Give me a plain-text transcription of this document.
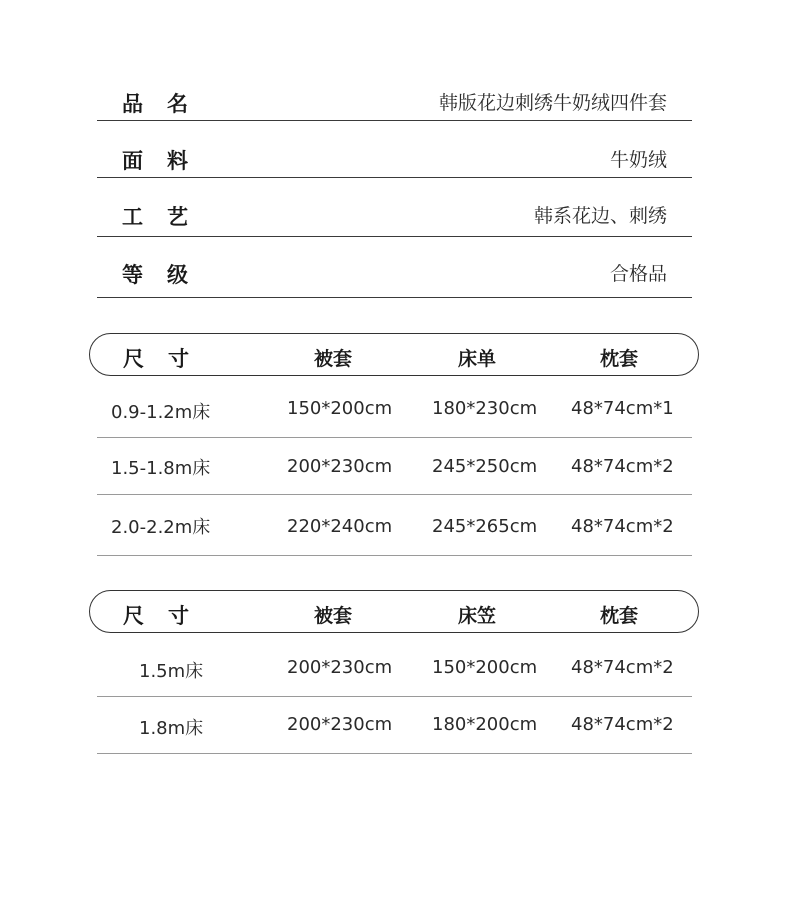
品 名	韩版花边刺绣牛奶绒四件套
面 料	牛奶绒
工 艺	韩系花边、刺绣
等 级	合格品
尺 寸	被套	床单	枕套
0.9-1.2m床	150*200cm 180*230cm 48*74cm*1
1.5-1.8m床	200*230cm 245*250cm 48*74cm*2
2.0-2.2m床	220*240cm 245*265cm 48*74cm*2
尺 寸	被套	床笠	枕套
1.5m床	200*230cm 150*200cm 48*74cm*2
1.8m床	200*230cm 180*200cm 48*74cm*2
